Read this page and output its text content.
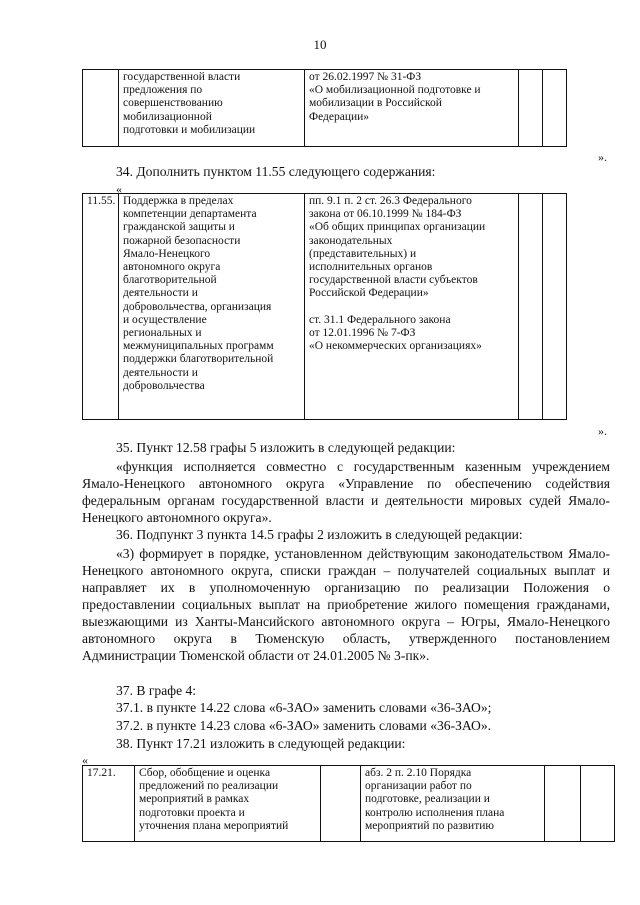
10
	государственной власти
предложения по
совершенствованию
мобилизационной
подготовки и мобилизации	от 26.02.1997 № 31-ФЗ
«О мобилизационной подготовке и
мобилизации в Российской
Федерации»		
».
34. Дополнить пунктом 11.55 следующего содержания:
«
11.55.	Поддержка в пределах
компетенции департамента
гражданской защиты и
пожарной безопасности
Ямало-Ненецкого
автономного округа
благотворительной
деятельности и
добровольчества, организация
и осуществление
региональных и
межмуниципальных программ
поддержки благотворительной
деятельности и
добровольчества	пп. 9.1 п. 2 ст. 26.3 Федерального
закона от 06.10.1999 № 184-ФЗ
«Об общих принципах организации
законодательных
(представительных) и
исполнительных органов
государственной власти субъектов
Российской Федерации»

ст. 31.1 Федерального закона
от 12.01.1996 № 7-ФЗ
«О некоммерческих организациях»		
».
35. Пункт 12.58 графы 5 изложить в следующей редакции:
«функция исполняется совместно с государственным казенным учреждением Ямало-Ненецкого автономного округа «Управление по обеспечению содействия федеральным органам государственной власти и деятельности мировых судей Ямало-Ненецкого автономного округа».
36. Подпункт 3 пункта 14.5 графы 2 изложить в следующей редакции:
«3) формирует в порядке, установленном действующим законодательством Ямало-Ненецкого автономного округа, списки граждан – получателей социальных выплат и направляет их в уполномоченную организацию по реализации Положения о предоставлении социальных выплат на приобретение жилого помещения гражданами, выезжающими из Ханты-Мансийского автономного округа – Югры, Ямало-Ненецкого автономного округа в Тюменскую область, утвержденного постановлением Администрации Тюменской области от 24.01.2005 № 3-пк».
37. В графе 4:
37.1. в пункте 14.22 слова «6-ЗАО» заменить словами «36-ЗАО»;
37.2. в пункте 14.23 слова «6-ЗАО» заменить словами «36-ЗАО».
38. Пункт 17.21 изложить в следующей редакции:
«
17.21.	Сбор, обобщение и оценка
предложений по реализации
мероприятий в рамках
подготовки проекта и
уточнения плана мероприятий		абз. 2 п. 2.10 Порядка
организации работ по
подготовке, реализации и
контролю исполнения плана
мероприятий по развитию		
